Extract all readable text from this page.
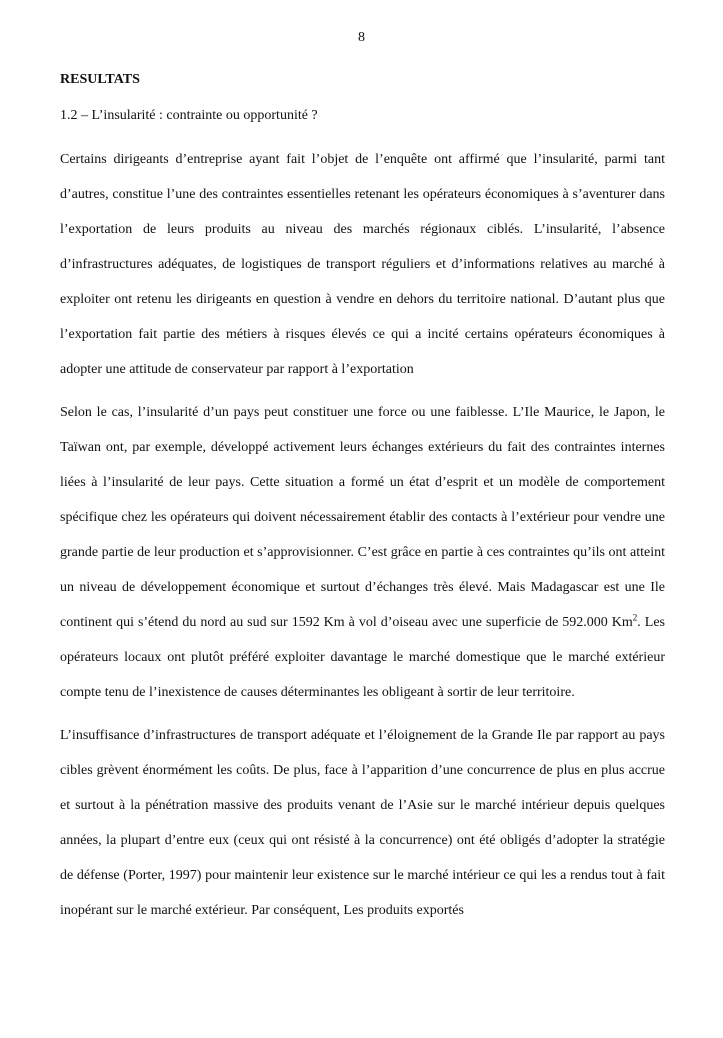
8

RESULTATS

1.2 – L’insularité : contrainte ou opportunité ?

Certains dirigeants d’entreprise ayant fait l’objet de l’enquête ont affirmé que l’insularité, parmi tant d’autres, constitue l’une des contraintes essentielles retenant les opérateurs économiques à s’aventurer dans l’exportation de leurs produits au niveau des marchés régionaux ciblés. L’insularité, l’absence d’infrastructures adéquates, de logistiques de transport réguliers et d’informations relatives au marché à exploiter ont retenu les dirigeants en question à vendre en dehors du territoire national. D’autant plus que l’exportation fait partie des métiers à risques élevés ce qui a incité certains opérateurs économiques à adopter une attitude de conservateur par rapport à l’exportation

Selon le cas, l’insularité d’un pays peut constituer une force ou une faiblesse. L’Ile Maurice, le Japon, le Taïwan ont, par exemple, développé activement leurs échanges extérieurs du fait des contraintes internes liées à l’insularité de leur pays. Cette situation a formé un état d’esprit et un modèle de comportement spécifique chez les opérateurs qui doivent nécessairement établir des contacts à l’extérieur pour vendre une grande partie de leur production et s’approvisionner. C’est grâce en partie à ces contraintes qu’ils ont atteint un niveau de développement économique et surtout d’échanges très élevé. Mais Madagascar est une Ile continent qui s’étend du nord au sud sur 1592 Km à vol d’oiseau avec une superficie de 592.000 Km$^2$. Les opérateurs locaux ont plutôt préféré exploiter davantage le marché domestique que le marché extérieur compte tenu de l’inexistence de causes déterminantes les obligeant à sortir de leur territoire.

L’insuffisance d’infrastructures de transport adéquate et l’éloignement de la Grande Ile par rapport au pays cibles grèvent énormément les coûts. De plus, face à l’apparition d’une concurrence de plus en plus accrue et surtout à la pénétration massive des produits venant de l’Asie sur le marché intérieur depuis quelques années, la plupart d’entre eux (ceux qui ont résisté à la concurrence) ont été obligés d’adopter la stratégie de défense (Porter, 1997) pour maintenir leur existence sur le marché intérieur ce qui les a rendus tout à fait inopérant sur le marché extérieur. Par conséquent, Les produits exportés
